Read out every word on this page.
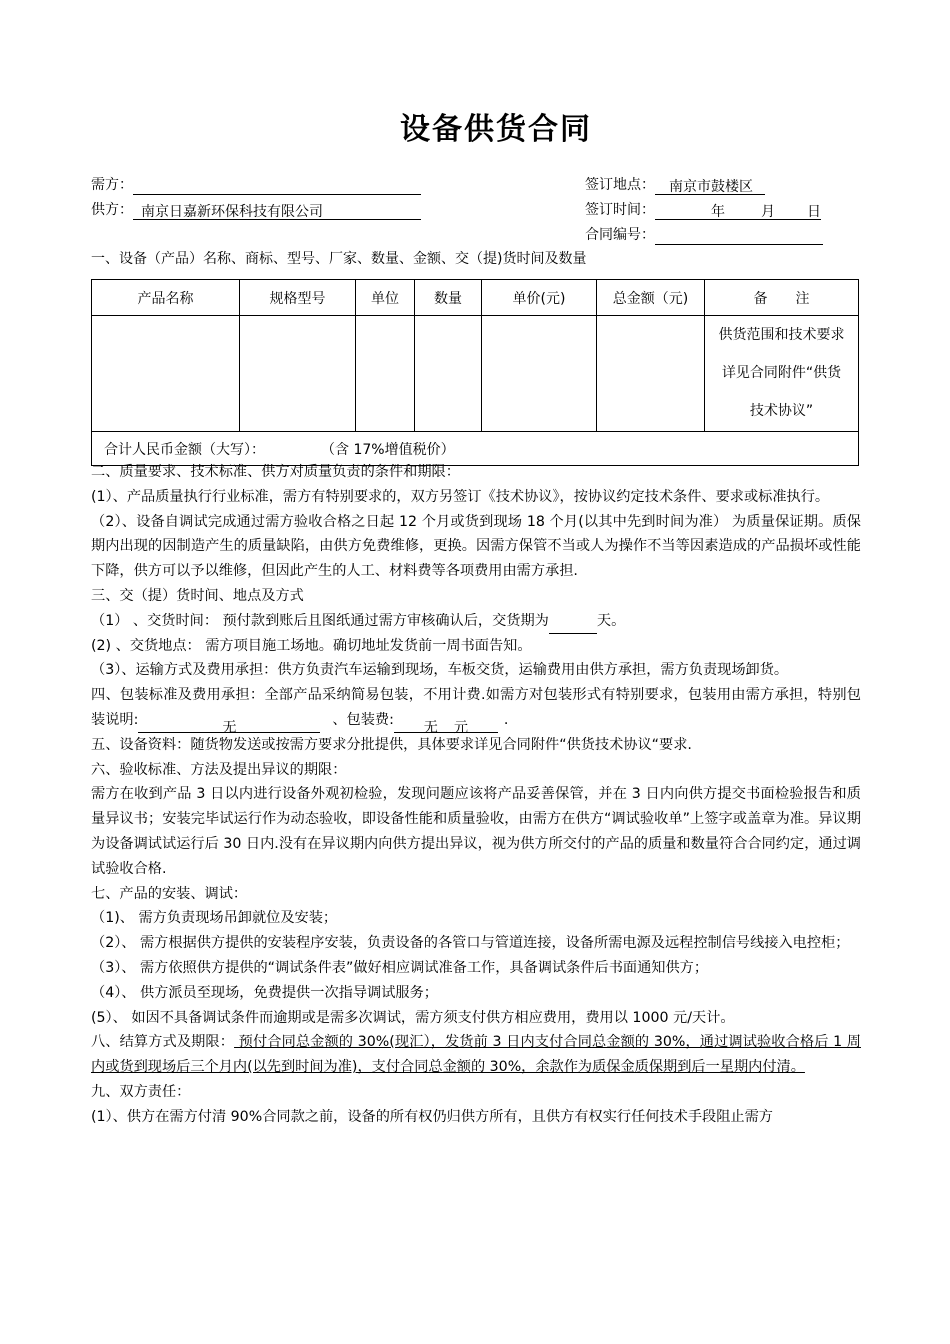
设备供货合同
需方：
供方： 南京日嘉新环保科技有限公司
签订地点： 南京市鼓楼区
签订时间：	年	月 日
合同编号：
一、设备（产品）名称、商标、型号、厂家、数量、金额、交（提)货时间及数量
产品名称	规格型号	单位	数量	单价(元)	总金额（元)	备　　注

						供货范围和技术要求
详见合同附件“供货
技术协议”

合计人民币金额（大写）： （含 17%增值税价）						

二、质量要求、技术标准、供方对质量负责的条件和期限：

(1）、产品质量执行行业标准，需方有特别要求的，双方另签订《技术协议》，按协议约定技术条件、要求或标准执行。

（2）、设备自调试完成通过需方验收合格之日起 12 个月或货到现场 18 个月(以其中先到时间为准） 为质量保证期。质保期内出现的因制造产生的质量缺陷，由供方免费维修，更换。因需方保管不当或人为操作不当等因素造成的产品损坏或性能下降，供方可以予以维修，但因此产生的人工、材料费等各项费用由需方承担.

三、交（提）货时间、地点及方式

（1） 、交货时间： 预付款到账后且图纸通过需方审核确认后，交货期为	天。

(2) 、交货地点： 需方项目施工场地。确切地址发货前一周书面告知。

（3）、运输方式及费用承担：供方负责汽车运输到现场，车板交货，运输费用由供方承担，需方负责现场卸货。

四、包装标准及费用承担：全部产品采纳简易包装，不用计费.如需方对包装形式有特别要求，包装用由需方承担，特别包装说明:	无	、包装费: 无 元	.

五、设备资料：随货物发送或按需方要求分批提供，具体要求详见合同附件“供货技术协议“要求.

六、验收标准、方法及提出异议的期限：

需方在收到产品 3 日以内进行设备外观初检验，发现问题应该将产品妥善保管，并在 3 日内向供方提交书面检验报告和质量异议书；安装完毕试运行作为动态验收，即设备性能和质量验收，由需方在供方“调试验收单”上签字或盖章为准。异议期为设备调试试运行后 30 日内.没有在异议期内向供方提出异议，视为供方所交付的产品的质量和数量符合合同约定，通过调试验收合格.

七、产品的安装、调试：

（1)、 需方负责现场吊卸就位及安装；

（2）、 需方根据供方提供的安装程序安装，负责设备的各管口与管道连接，设备所需电源及远程控制信号线接入电控柜；

（3）、 需方依照供方提供的“调试条件表”做好相应调试准备工作，具备调试条件后书面通知供方；

（4）、 供方派员至现场，免费提供一次指导调试服务；

(5）、 如因不具备调试条件而逾期或是需多次调试，需方须支付供方相应费用，费用以 1000 元/天计。

八、结算方式及期限： 预付合同总金额的 30%(现汇），发货前 3 日内支付合同总金额的 30%，通过调试验收合格后 1 周内或货到现场后三个月内(以先到时间为准)，支付合同总金额的 30%，余款作为质保金质保期到后一星期内付清。

九、双方责任：

(1）、供方在需方付清 90%合同款之前，设备的所有权仍归供方所有，且供方有权实行任何技术手段阻止需方
